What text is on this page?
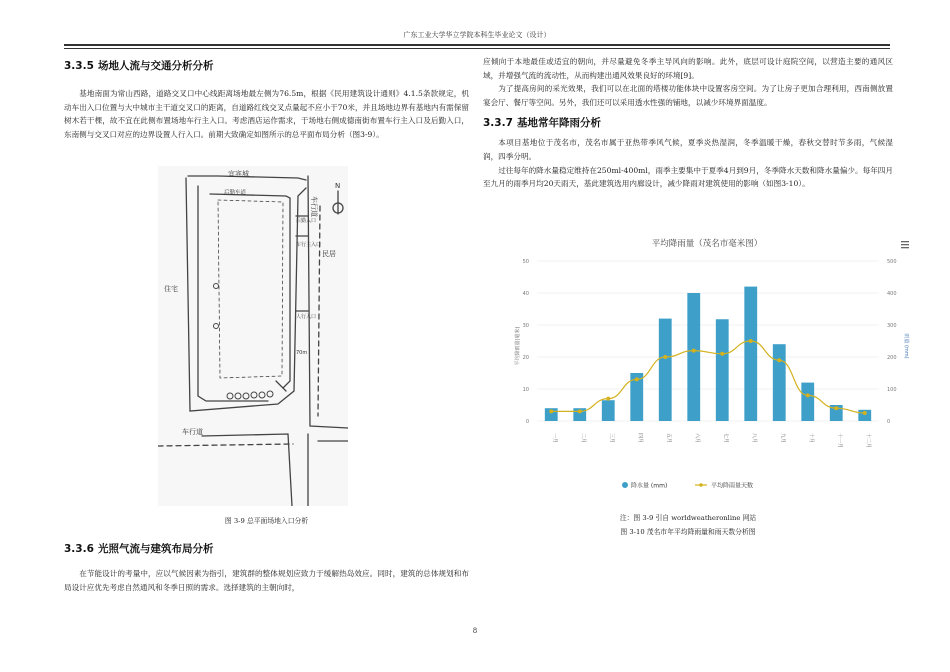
广东工业大学华立学院本科生毕业论文（设计）
3.3.5 场地人流与交通分析分析

基地南面为常山西路，道路交叉口中心线距离场地最左侧为76.5m，根据《民用建筑设计通则》4.1.5条款规定，机动车出入口位置与大中城市主干道交叉口的距离，自道路红线交叉点量起不应小于70米，并且场地边界有基地内有需保留树木若干棵，故不宜在此侧布置场地车行主入口。考虑酒店运作需求，于场地右侧成德南街布置车行主入口及后勤入口，东南侧与交叉口对应的边界设置人行入口。前期大致确定如图所示的总平面布局分析（图3-9）。

宜宾城
后勤车道
车行道
N
住宅
民居
车行道
车行主入口
后勤入口
人行入口
70m
图 3-9 总平面场地入口分析
3.3.6 光照气流与建筑布局分析

在节能设计的考量中，应以气候因素为指引，建筑群的整体规划应致力于缓解热岛效应。同时，建筑的总体规划和布局设计应优先考虑自然通风和冬季日照的需求。选择建筑的主朝向时，

应倾向于本地最佳或适宜的朝向，并尽量避免冬季主导风向的影响。此外，底层可设计庭院空间，以营造主要的通风区域，并增强气流的流动性，从而构建出通风效果良好的环境[9]。

为了提高房间的采光效果，我们可以在北面的塔楼功能体块中设置客房空间。为了让房子更加合理利用，西南侧放置宴会厅、餐厅等空间。另外，我们还可以采用透水性强的铺地，以减少环境界面温度。

3.3.7 基地常年降雨分析

本项目基地位于茂名市，茂名市属于亚热带季风气候，夏季炎热湿润，冬季温暖干燥，春秋交替时节多雨，气候湿润，四季分明。

过往每年的降水量稳定维持在250ml-400ml，雨季主要集中于夏季4月到9月，冬季降水天数和降水量偏少。每年四月至九月的雨季月均20天雨天，基此建筑选用内廊设计，减少降雨对建筑使用的影响（如图3-10）。

平均降雨量（茂名市毫米图）
0
10
20
30
40
50
0
100
200
300
400
500
平均降雨量(毫米)	雨量 (mm)
一月	二月	三月	四月	五月	六月	七月	八月	九月	十月	十一月	十二月
降水量 (mm)	平均降雨量天数
注：图 3-9 引自 worldweatheronline 网站
图 3-10 茂名市年平均降雨量和雨天数分析图
8
